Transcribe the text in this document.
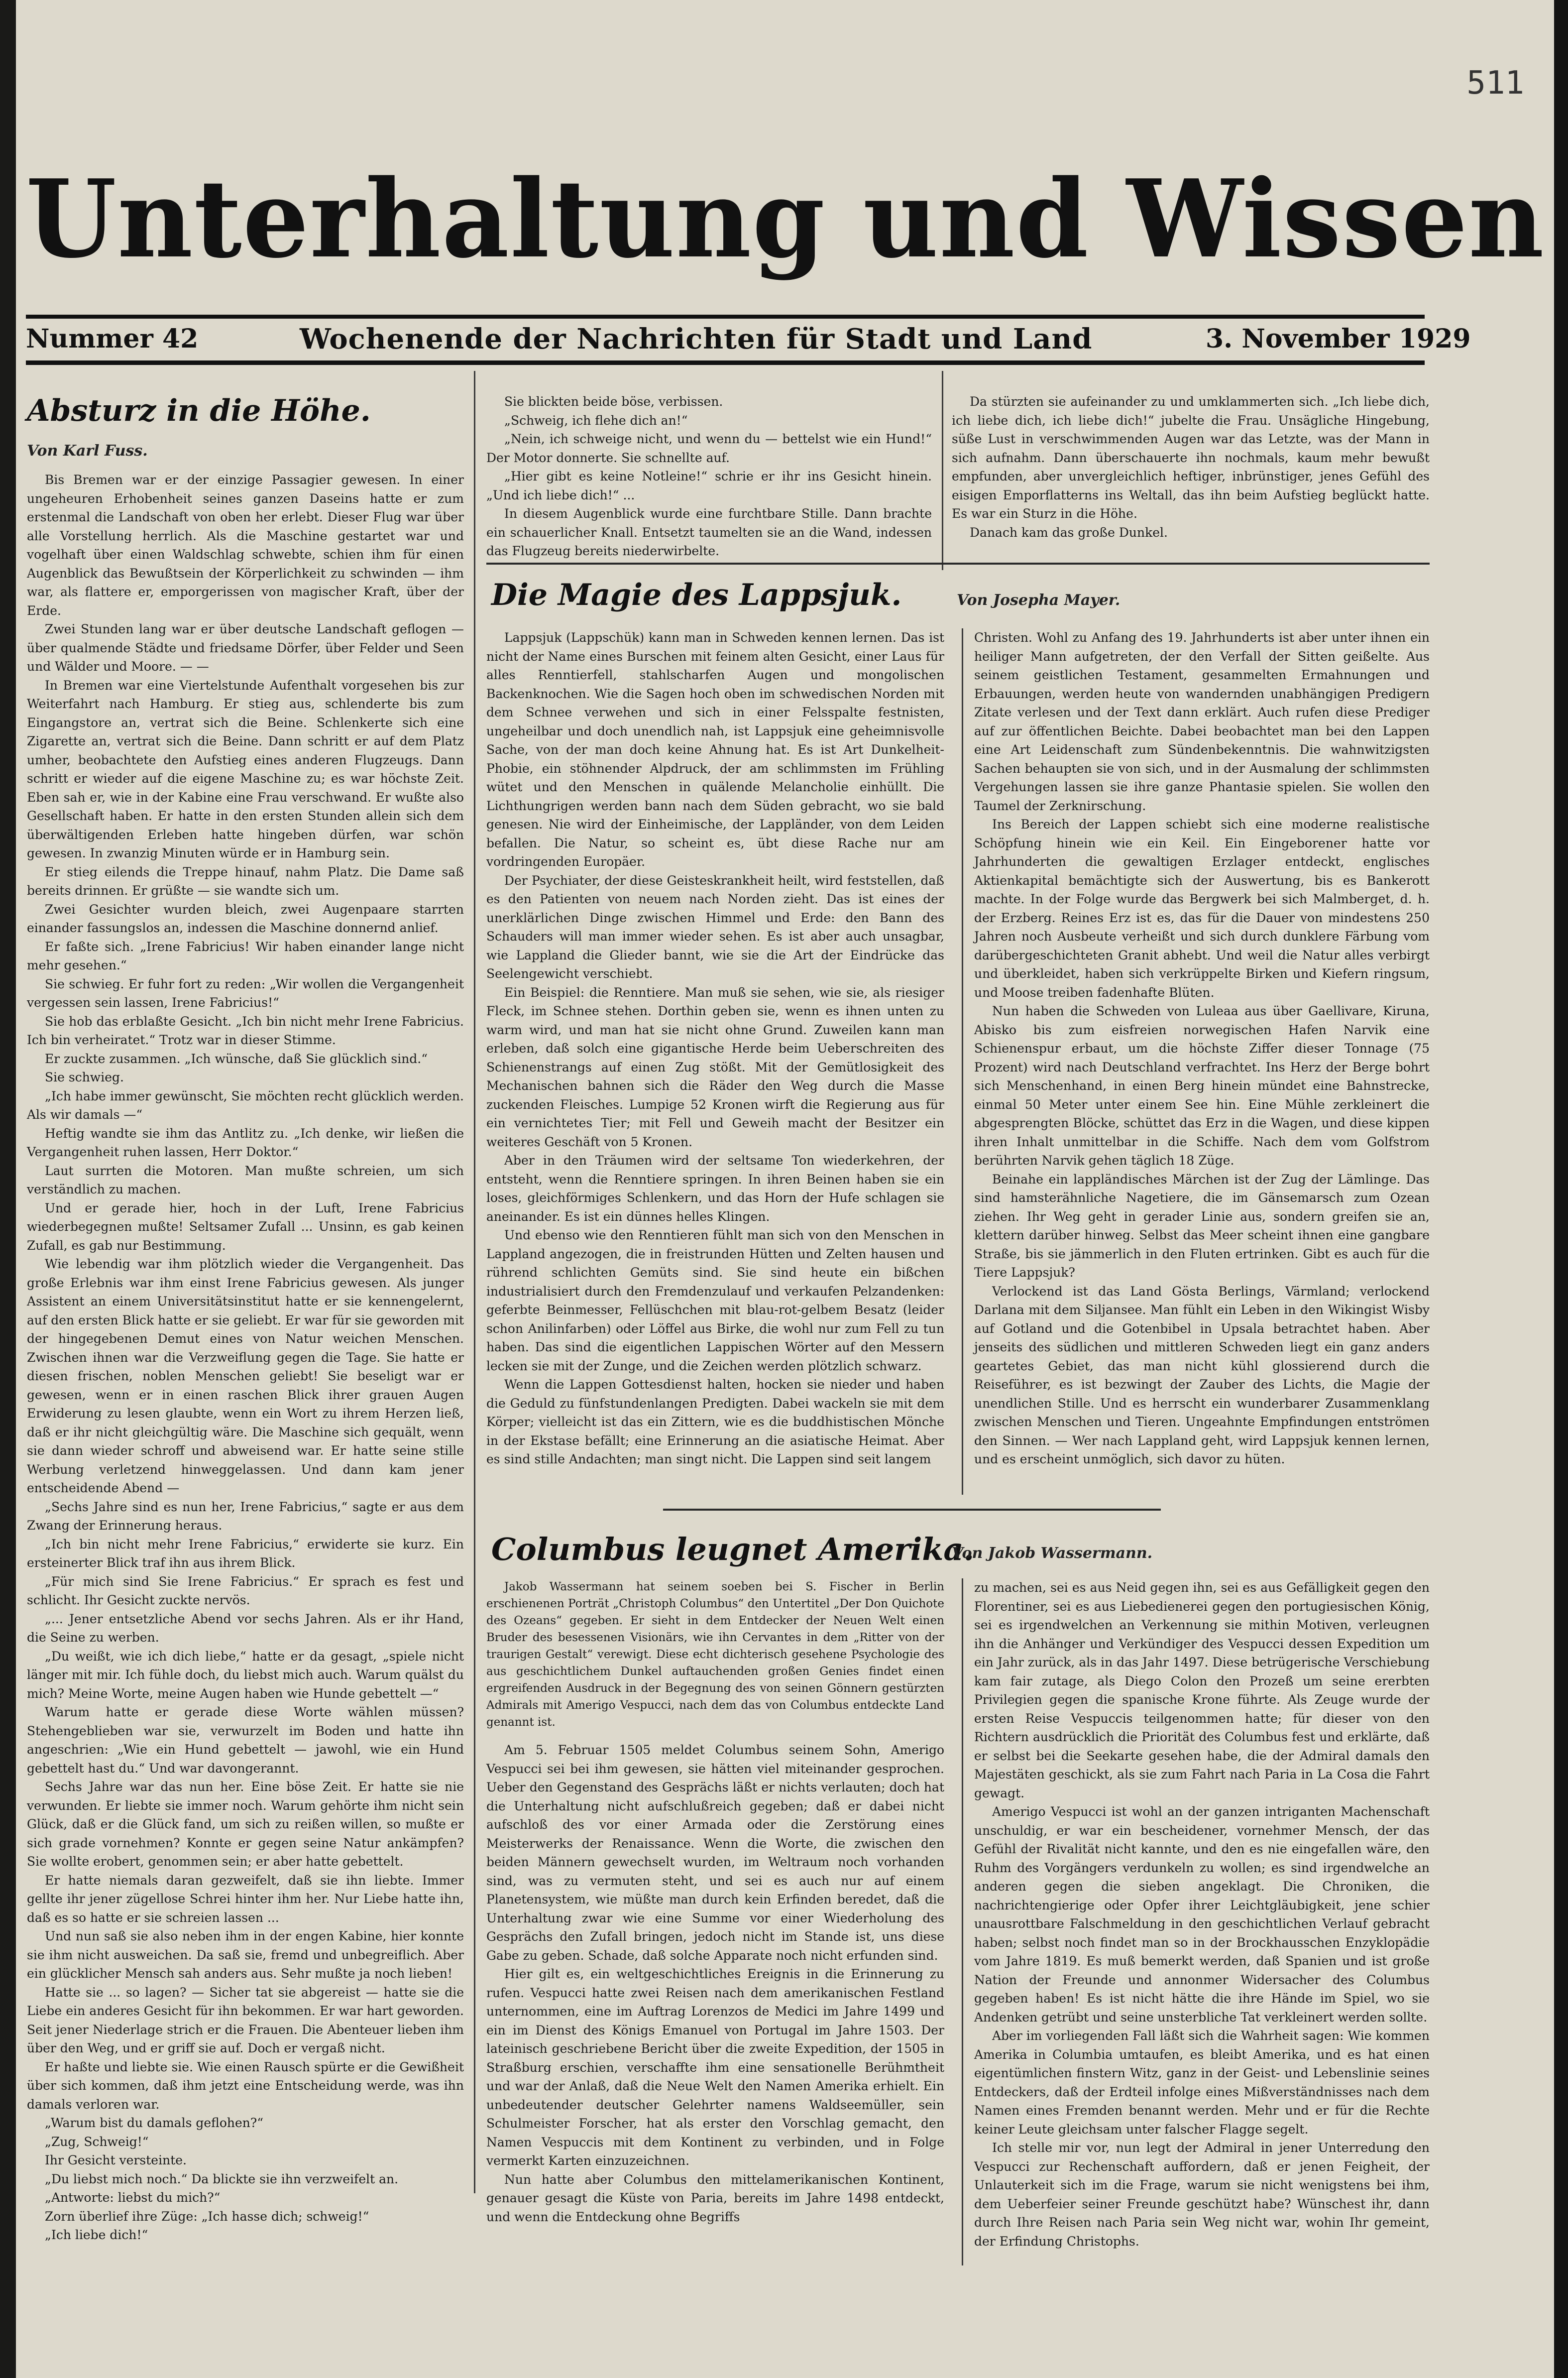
511
Unterhaltung und Wissen
Nummer 42	Wochenende der Nachrichten für Stadt und Land	3. November 1929
Absturz in die Höhe.
Von Karl Fuss.

Bis Bremen war er der einzige Passagier gewesen. In einer ungeheuren Erhobenheit seines ganzen Daseins hatte er zum erstenmal die Landschaft von oben her erlebt. Dieser Flug war über alle Vorstellung herrlich. Als die Maschine gestartet war und vogelhaft über einen Waldschlag schwebte, schien ihm für einen Augenblick das Bewußtsein der Körperlichkeit zu schwinden — ihm war, als flattere er, emporgerissen von magischer Kraft, über der Erde.

Zwei Stunden lang war er über deutsche Landschaft geflogen — über qualmende Städte und friedsame Dörfer, über Felder und Seen und Wälder und Moore. — —

In Bremen war eine Viertelstunde Aufenthalt vorgesehen bis zur Weiterfahrt nach Hamburg. Er stieg aus, schlenderte bis zum Eingangstore an, vertrat sich die Beine. Schlenkerte sich eine Zigarette an, vertrat sich die Beine. Dann schritt er auf dem Platz umher, beobachtete den Aufstieg eines anderen Flugzeugs. Dann schritt er wieder auf die eigene Maschine zu; es war höchste Zeit. Eben sah er, wie in der Kabine eine Frau verschwand. Er wußte also Gesellschaft haben. Er hatte in den ersten Stunden allein sich dem überwältigenden Erleben hatte hingeben dürfen, war schön gewesen. In zwanzig Minuten würde er in Hamburg sein.

Er stieg eilends die Treppe hinauf, nahm Platz. Die Dame saß bereits drinnen. Er grüßte — sie wandte sich um.

Zwei Gesichter wurden bleich, zwei Augenpaare starrten einander fassungslos an, indessen die Maschine donnernd anlief.

Er faßte sich. „Irene Fabricius! Wir haben einander lange nicht mehr gesehen.“

Sie schwieg. Er fuhr fort zu reden: „Wir wollen die Vergangenheit vergessen sein lassen, Irene Fabricius!“

Sie hob das erblaßte Gesicht. „Ich bin nicht mehr Irene Fabricius. Ich bin verheiratet.“ Trotz war in dieser Stimme.

Er zuckte zusammen. „Ich wünsche, daß Sie glücklich sind.“

Sie schwieg.

„Ich habe immer gewünscht, Sie möchten recht glücklich werden. Als wir damals —“

Heftig wandte sie ihm das Antlitz zu. „Ich denke, wir ließen die Vergangenheit ruhen lassen, Herr Doktor.“

Laut surrten die Motoren. Man mußte schreien, um sich verständlich zu machen.

Und er gerade hier, hoch in der Luft, Irene Fabricius wiederbegegnen mußte! Seltsamer Zufall ... Unsinn, es gab keinen Zufall, es gab nur Bestimmung.

Wie lebendig war ihm plötzlich wieder die Vergangenheit. Das große Erlebnis war ihm einst Irene Fabricius gewesen. Als junger Assistent an einem Universitätsinstitut hatte er sie kennengelernt, auf den ersten Blick hatte er sie geliebt. Er war für sie geworden mit der hingegebenen Demut eines von Natur weichen Menschen. Zwischen ihnen war die Verzweiflung gegen die Tage. Sie hatte er diesen frischen, noblen Menschen geliebt! Sie beseligt war er gewesen, wenn er in einen raschen Blick ihrer grauen Augen Erwiderung zu lesen glaubte, wenn ein Wort zu ihrem Herzen ließ, daß er ihr nicht gleichgültig wäre. Die Maschine sich gequält, wenn sie dann wieder schroff und abweisend war. Er hatte seine stille Werbung verletzend hinweggelassen. Und dann kam jener entscheidende Abend —

„Sechs Jahre sind es nun her, Irene Fabricius,“ sagte er aus dem Zwang der Erinnerung heraus.

„Ich bin nicht mehr Irene Fabricius,“ erwiderte sie kurz. Ein ersteinerter Blick traf ihn aus ihrem Blick.

„Für mich sind Sie Irene Fabricius.“ Er sprach es fest und schlicht. Ihr Gesicht zuckte nervös.

„... Jener entsetzliche Abend vor sechs Jahren. Als er ihr Hand, die Seine zu werben.

„Du weißt, wie ich dich liebe,“ hatte er da gesagt, „spiele nicht länger mit mir. Ich fühle doch, du liebst mich auch. Warum quälst du mich? Meine Worte, meine Augen haben wie Hunde gebettelt —“

Warum hatte er gerade diese Worte wählen müssen? Stehengeblieben war sie, verwurzelt im Boden und hatte ihn angeschrien: „Wie ein Hund gebettelt — jawohl, wie ein Hund gebettelt hast du.“ Und war davongerannt.

Sechs Jahre war das nun her. Eine böse Zeit. Er hatte sie nie verwunden. Er liebte sie immer noch. Warum gehörte ihm nicht sein Glück, daß er die Glück fand, um sich zu reißen willen, so mußte er sich grade vornehmen? Konnte er gegen seine Natur ankämpfen? Sie wollte erobert, genommen sein; er aber hatte gebettelt.

Er hatte niemals daran gezweifelt, daß sie ihn liebte. Immer gellte ihr jener zügellose Schrei hinter ihm her. Nur Liebe hatte ihn, daß es so hatte er sie schreien lassen ...

Und nun saß sie also neben ihm in der engen Kabine, hier konnte sie ihm nicht ausweichen. Da saß sie, fremd und unbegreiflich. Aber ein glücklicher Mensch sah anders aus. Sehr mußte ja noch lieben!

Hatte sie ... so lagen? — Sicher tat sie abgereist — hatte sie die Liebe ein anderes Gesicht für ihn bekommen. Er war hart geworden. Seit jener Niederlage strich er die Frauen. Die Abenteuer lieben ihm über den Weg, und er griff sie auf. Doch er vergaß nicht.

Er haßte und liebte sie. Wie einen Rausch spürte er die Gewißheit über sich kommen, daß ihm jetzt eine Entscheidung werde, was ihn damals verloren war.

„Warum bist du damals geflohen?“

„Zug, Schweig!“

Ihr Gesicht versteinte.

„Du liebst mich noch.“ Da blickte sie ihn verzweifelt an.

„Antworte: liebst du mich?“

Zorn überlief ihre Züge: „Ich hasse dich; schweig!“

„Ich liebe dich!“

Sie blickten beide böse, verbissen.

„Schweig, ich flehe dich an!“

„Nein, ich schweige nicht, und wenn du — bettelst wie ein Hund!“ Der Motor donnerte. Sie schnellte auf.

„Hier gibt es keine Notleine!“ schrie er ihr ins Gesicht hinein. „Und ich liebe dich!“ ...

In diesem Augenblick wurde eine furchtbare Stille. Dann brachte ein schauerlicher Knall. Entsetzt taumelten sie an die Wand, indessen das Flugzeug bereits niederwirbelte.

Da stürzten sie aufeinander zu und umklammerten sich. „Ich liebe dich, ich liebe dich, ich liebe dich!“ jubelte die Frau. Unsägliche Hingebung, süße Lust in verschwimmenden Augen war das Letzte, was der Mann in sich aufnahm. Dann überschauerte ihn nochmals, kaum mehr bewußt empfunden, aber unvergleichlich heftiger, inbrünstiger, jenes Gefühl des eisigen Emporflatterns ins Weltall, das ihn beim Aufstieg beglückt hatte. Es war ein Sturz in die Höhe.

Danach kam das große Dunkel.

Die Magie des Lappsjuk.	Von Josepha Mayer.

Lappsjuk (Lappschük) kann man in Schweden kennen lernen. Das ist nicht der Name eines Burschen mit feinem alten Gesicht, einer Laus für alles Renntierfell, stahlscharfen Augen und mongolischen Backenknochen. Wie die Sagen hoch oben im schwedischen Norden mit dem Schnee verwehen und sich in einer Felsspalte festnisten, ungeheilbar und doch unendlich nah, ist Lappsjuk eine geheimnisvolle Sache, von der man doch keine Ahnung hat. Es ist Art Dunkelheit-Phobie, ein stöhnender Alpdruck, der am schlimmsten im Frühling wütet und den Menschen in quälende Melancholie einhüllt. Die Lichthungrigen werden bann nach dem Süden gebracht, wo sie bald genesen. Nie wird der Einheimische, der Lappländer, von dem Leiden befallen. Die Natur, so scheint es, übt diese Rache nur am vordringenden Europäer.

Der Psychiater, der diese Geisteskrankheit heilt, wird feststellen, daß es den Patienten von neuem nach Norden zieht. Das ist eines der unerklärlichen Dinge zwischen Himmel und Erde: den Bann des Schauders will man immer wieder sehen. Es ist aber auch unsagbar, wie Lappland die Glieder bannt, wie sie die Art der Eindrücke das Seelengewicht verschiebt.

Ein Beispiel: die Renntiere. Man muß sie sehen, wie sie, als riesiger Fleck, im Schnee stehen. Dorthin geben sie, wenn es ihnen unten zu warm wird, und man hat sie nicht ohne Grund. Zuweilen kann man erleben, daß solch eine gigantische Herde beim Ueberschreiten des Schienenstrangs auf einen Zug stößt. Mit der Gemütlosigkeit des Mechanischen bahnen sich die Räder den Weg durch die Masse zuckenden Fleisches. Lumpige 52 Kronen wirft die Regierung aus für ein vernichtetes Tier; mit Fell und Geweih macht der Besitzer ein weiteres Geschäft von 5 Kronen.

Aber in den Träumen wird der seltsame Ton wiederkehren, der entsteht, wenn die Renntiere springen. In ihren Beinen haben sie ein loses, gleichförmiges Schlenkern, und das Horn der Hufe schlagen sie aneinander. Es ist ein dünnes helles Klingen.

Und ebenso wie den Renntieren fühlt man sich von den Menschen in Lappland angezogen, die in freistrunden Hütten und Zelten hausen und rührend schlichten Gemüts sind. Sie sind heute ein bißchen industrialisiert durch den Fremdenzulauf und verkaufen Pelzandenken: geferbte Beinmesser, Fellüschchen mit blau-rot-gelbem Besatz (leider schon Anilinfarben) oder Löffel aus Birke, die wohl nur zum Fell zu tun haben. Das sind die eigentlichen Lappischen Wörter auf den Messern lecken sie mit der Zunge, und die Zeichen werden plötzlich schwarz.

Wenn die Lappen Gottesdienst halten, hocken sie nieder und haben die Geduld zu fünfstundenlangen Predigten. Dabei wackeln sie mit dem Körper; vielleicht ist das ein Zittern, wie es die buddhistischen Mönche in der Ekstase befällt; eine Erinnerung an die asiatische Heimat. Aber es sind stille Andachten; man singt nicht. Die Lappen sind seit langem

Christen. Wohl zu Anfang des 19. Jahrhunderts ist aber unter ihnen ein heiliger Mann aufgetreten, der den Verfall der Sitten geißelte. Aus seinem geistlichen Testament, gesammelten Ermahnungen und Erbauungen, werden heute von wandernden unabhängigen Predigern Zitate verlesen und der Text dann erklärt. Auch rufen diese Prediger auf zur öffentlichen Beichte. Dabei beobachtet man bei den Lappen eine Art Leidenschaft zum Sündenbekenntnis. Die wahnwitzigsten Sachen behaupten sie von sich, und in der Ausmalung der schlimmsten Vergehungen lassen sie ihre ganze Phantasie spielen. Sie wollen den Taumel der Zerknirschung.

Ins Bereich der Lappen schiebt sich eine moderne realistische Schöpfung hinein wie ein Keil. Ein Eingeborener hatte vor Jahrhunderten die gewaltigen Erzlager entdeckt, englisches Aktienkapital bemächtigte sich der Auswertung, bis es Bankerott machte. In der Folge wurde das Bergwerk bei sich Malmberget, d. h. der Erzberg. Reines Erz ist es, das für die Dauer von mindestens 250 Jahren noch Ausbeute verheißt und sich durch dunklere Färbung vom darübergeschichteten Granit abhebt. Und weil die Natur alles verbirgt und überkleidet, haben sich verkrüppelte Birken und Kiefern ringsum, und Moose treiben fadenhafte Blüten.

Nun haben die Schweden von Luleaa aus über Gaellivare, Kiruna, Abisko bis zum eisfreien norwegischen Hafen Narvik eine Schienenspur erbaut, um die höchste Ziffer dieser Tonnage (75 Prozent) wird nach Deutschland verfrachtet. Ins Herz der Berge bohrt sich Menschenhand, in einen Berg hinein mündet eine Bahnstrecke, einmal 50 Meter unter einem See hin. Eine Mühle zerkleinert die abgesprengten Blöcke, schüttet das Erz in die Wagen, und diese kippen ihren Inhalt unmittelbar in die Schiffe. Nach dem vom Golfstrom berührten Narvik gehen täglich 18 Züge.

Beinahe ein lappländisches Märchen ist der Zug der Lämlinge. Das sind hamsterähnliche Nagetiere, die im Gänsemarsch zum Ozean ziehen. Ihr Weg geht in gerader Linie aus, sondern greifen sie an, klettern darüber hinweg. Selbst das Meer scheint ihnen eine gangbare Straße, bis sie jämmerlich in den Fluten ertrinken. Gibt es auch für die Tiere Lappsjuk?

Verlockend ist das Land Gösta Berlings, Värmland; verlockend Darlana mit dem Siljansee. Man fühlt ein Leben in den Wikingist Wisby auf Gotland und die Gotenbibel in Upsala betrachtet haben. Aber jenseits des südlichen und mittleren Schweden liegt ein ganz anders geartetes Gebiet, das man nicht kühl glossierend durch die Reiseführer, es ist bezwingt der Zauber des Lichts, die Magie der unendlichen Stille. Und es herrscht ein wunderbarer Zusammenklang zwischen Menschen und Tieren. Ungeahnte Empfindungen entströmen den Sinnen. — Wer nach Lappland geht, wird Lappsjuk kennen lernen, und es erscheint unmöglich, sich davor zu hüten.

Columbus leugnet Amerika.
Von Jakob Wassermann.

Jakob Wassermann hat seinem soeben bei S. Fischer in Berlin erschienenen Porträt „Christoph Columbus“ den Untertitel „Der Don Quichote des Ozeans“ gegeben. Er sieht in dem Entdecker der Neuen Welt einen Bruder des besessenen Visionärs, wie ihn Cervantes in dem „Ritter von der traurigen Gestalt“ verewigt. Diese echt dichterisch gesehene Psychologie des aus geschichtlichem Dunkel auftauchenden großen Genies findet einen ergreifenden Ausdruck in der Begegnung des von seinen Gönnern gestürzten Admirals mit Amerigo Vespucci, nach dem das von Columbus entdeckte Land genannt ist.

Am 5. Februar 1505 meldet Columbus seinem Sohn, Amerigo Vespucci sei bei ihm gewesen, sie hätten viel miteinander gesprochen. Ueber den Gegenstand des Gesprächs läßt er nichts verlauten; doch hat die Unterhaltung nicht aufschlußreich gegeben; daß er dabei nicht aufschloß des vor einer Armada oder die Zerstörung eines Meisterwerks der Renaissance. Wenn die Worte, die zwischen den beiden Männern gewechselt wurden, im Weltraum noch vorhanden sind, was zu vermuten steht, und sei es auch nur auf einem Planetensystem, wie müßte man durch kein Erfinden beredet, daß die Unterhaltung zwar wie eine Summe vor einer Wiederholung des Gesprächs den Zufall bringen, jedoch nicht im Stande ist, uns diese Gabe zu geben. Schade, daß solche Apparate noch nicht erfunden sind.

Hier gilt es, ein weltgeschichtliches Ereignis in die Erinnerung zu rufen. Vespucci hatte zwei Reisen nach dem amerikanischen Festland unternommen, eine im Auftrag Lorenzos de Medici im Jahre 1499 und ein im Dienst des Königs Emanuel von Portugal im Jahre 1503. Der lateinisch geschriebene Bericht über die zweite Expedition, der 1505 in Straßburg erschien, verschaffte ihm eine sensationelle Berühmtheit und war der Anlaß, daß die Neue Welt den Namen Amerika erhielt. Ein unbedeutender deutscher Gelehrter namens Waldseemüller, sein Schulmeister Forscher, hat als erster den Vorschlag gemacht, den Namen Vespuccis mit dem Kontinent zu verbinden, und in Folge vermerkt Karten einzuzeichnen.

Nun hatte aber Columbus den mittelamerikanischen Kontinent, genauer gesagt die Küste von Paria, bereits im Jahre 1498 entdeckt, und wenn die Entdeckung ohne Begriffs

zu machen, sei es aus Neid gegen ihn, sei es aus Gefälligkeit gegen den Florentiner, sei es aus Liebedienerei gegen den portugiesischen König, sei es irgendwelchen an Verkennung sie mithin Motiven, verleugnen ihn die Anhänger und Verkündiger des Vespucci dessen Expedition um ein Jahr zurück, als in das Jahr 1497. Diese betrügerische Verschiebung kam fair zutage, als Diego Colon den Prozeß um seine ererbten Privilegien gegen die spanische Krone führte. Als Zeuge wurde der ersten Reise Vespuccis teilgenommen hatte; für dieser von den Richtern ausdrücklich die Priorität des Columbus fest und erklärte, daß er selbst bei die Seekarte gesehen habe, die der Admiral damals den Majestäten geschickt, als sie zum Fahrt nach Paria in La Cosa die Fahrt gewagt.

Amerigo Vespucci ist wohl an der ganzen intriganten Machenschaft unschuldig, er war ein bescheidener, vornehmer Mensch, der das Gefühl der Rivalität nicht kannte, und den es nie eingefallen wäre, den Ruhm des Vorgängers verdunkeln zu wollen; es sind irgendwelche an anderen gegen die sieben angeklagt. Die Chroniken, die nachrichtengierige oder Opfer ihrer Leichtgläubigkeit, jene schier unausrottbare Falschmeldung in den geschichtlichen Verlauf gebracht haben; selbst noch findet man so in der Brockhausschen Enzyklopädie vom Jahre 1819. Es muß bemerkt werden, daß Spanien und ist große Nation der Freunde und annonmer Widersacher des Columbus gegeben haben! Es ist nicht hätte die ihre Hände im Spiel, wo sie Andenken getrübt und seine unsterbliche Tat verkleinert werden sollte.

Aber im vorliegenden Fall läßt sich die Wahrheit sagen: Wie kommen Amerika in Columbia umtaufen, es bleibt Amerika, und es hat einen eigentümlichen finstern Witz, ganz in der Geist- und Lebenslinie seines Entdeckers, daß der Erdteil infolge eines Mißverständnisses nach dem Namen eines Fremden benannt werden. Mehr und er für die Rechte keiner Leute gleichsam unter falscher Flagge segelt.

Ich stelle mir vor, nun legt der Admiral in jener Unterredung den Vespucci zur Rechenschaft auffordern, daß er jenen Feigheit, der Unlauterkeit sich im die Frage, warum sie nicht wenigstens bei ihm, dem Ueberfeier seiner Freunde geschützt habe? Wünschest ihr, dann durch Ihre Reisen nach Paria sein Weg nicht war, wohin Ihr gemeint, der Erfindung Christophs.
